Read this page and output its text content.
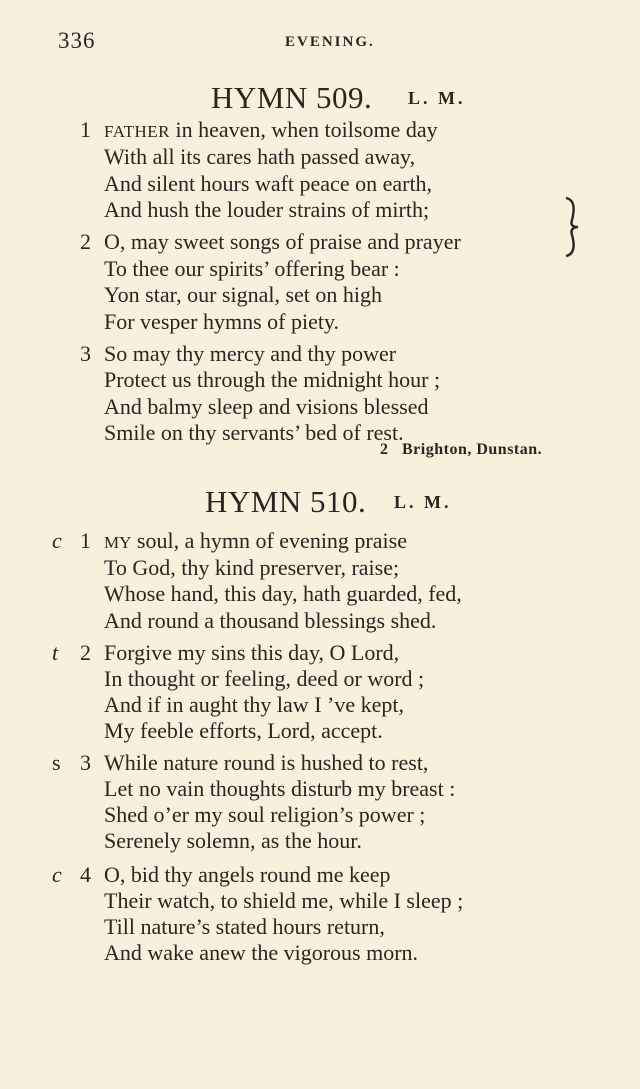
336	EVENING.
HYMN 509. L. M.
1 FATHER in heaven, when toilsome day
With all its cares hath passed away,
And silent hours waft peace on earth,
And hush the louder strains of mirth;
2 O, may sweet songs of praise and prayer
To thee our spirits’ offering bear :
Yon star, our signal, set on high
For vesper hymns of piety.
3 So may thy mercy and thy power
Protect us through the midnight hour ;
And balmy sleep and visions blessed
Smile on thy servants’ bed of rest.
2 Brighton, Dunstan.
HYMN 510. L. M.
c 1 MY soul, a hymn of evening praise
To God, thy kind preserver, raise;
Whose hand, this day, hath guarded, fed,
And round a thousand blessings shed.
t 2 Forgive my sins this day, O Lord,
In thought or feeling, deed or word ;
And if in aught thy law I ’ve kept,
My feeble efforts, Lord, accept.
s 3 While nature round is hushed to rest,
Let no vain thoughts disturb my breast :
Shed o’er my soul religion’s power ;
Serenely solemn, as the hour.
c 4 O, bid thy angels round me keep
Their watch, to shield me, while I sleep ;
Till nature’s stated hours return,
And wake anew the vigorous morn.
